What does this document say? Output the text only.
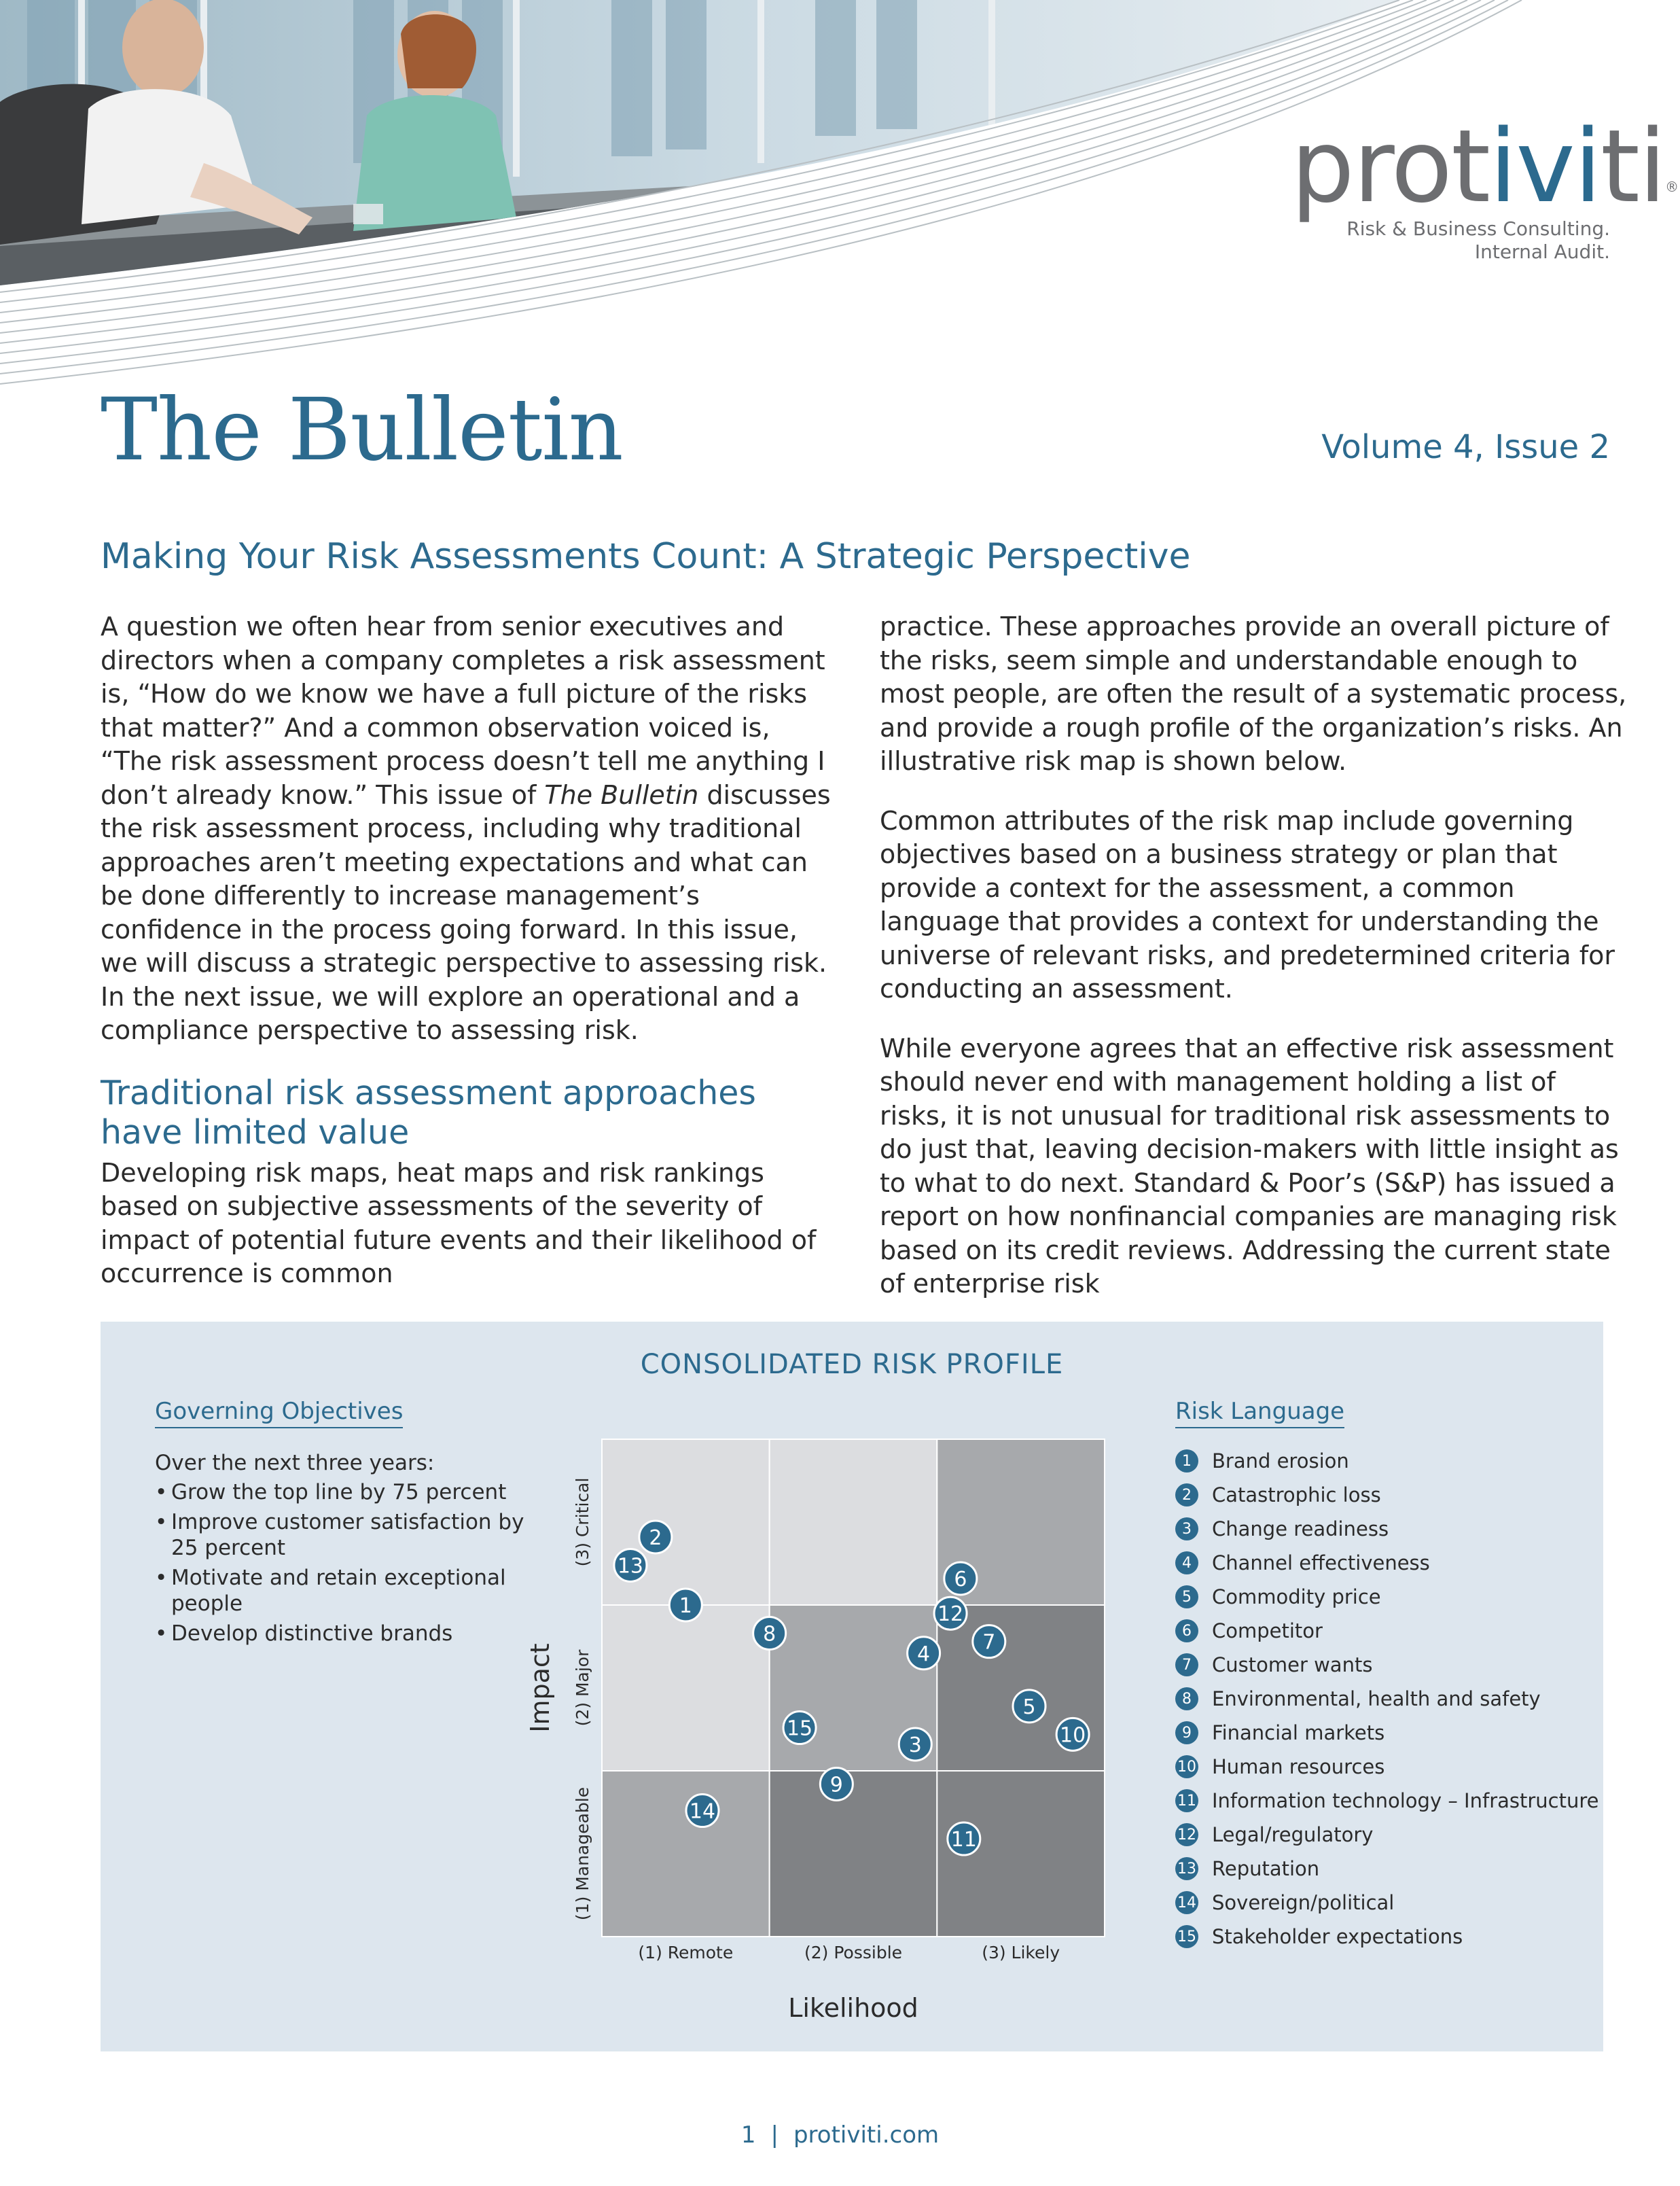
protiviti®
Risk & Business Consulting.
Internal Audit.
The Bulletin	Volume 4, Issue 2
Making Your Risk Assessments Count: A Strategic Perspective

A question we often hear from senior executives and directors when a company completes a risk assessment is, “How do we know we have a full picture of the risks that matter?” And a common observation voiced is, “The risk assessment process doesn’t tell me anything I don’t already know.” This issue of The Bulletin discusses the risk assessment process, including why traditional approaches aren’t meeting expectations and what can be done differently to increase management’s confidence in the process going forward. In this issue, we will discuss a strategic perspective to assessing risk. In the next issue, we will explore an operational and a compliance perspective to assessing risk.

Traditional risk assessment approaches
have limited value

Developing risk maps, heat maps and risk rankings based on subjective assessments of the severity of impact of potential future events and their likelihood of occurrence is common

practice. These approaches provide an overall picture of the risks, seem simple and understandable enough to most people, are often the result of a systematic process, and provide a rough profile of the organization’s risks. An illustrative risk map is shown below.

Common attributes of the risk map include governing objectives based on a business strategy or plan that provide a context for the assessment, a common language that provides a context for understanding the universe of relevant risks, and predetermined criteria for conducting an assessment.

While everyone agrees that an effective risk assessment should never end with management holding a list of risks, it is not unusual for traditional risk assessments to do just that, leaving decision-makers with little insight as to what to do next. Standard & Poor’s (S&P) has issued a report on how nonfinancial companies are managing risk based on its credit reviews. Addressing the current state of enterprise risk

CONSOLIDATED RISK PROFILE
Governing Objectives
Over the next three years:
• Grow the top line by 75 percent
• Improve customer satisfaction by 25 percent
• Motivate and retain exceptional people
• Develop distinctive brands
(1) Remote	(2) Possible	(3) Likely
(1) Manageable
(2) Major
(3) Critical
Likelihood
Impact
1
2
3
4
5
6
7
8
9
10
11
12
13
14
15
Risk Language
1	Brand erosion
2	Catastrophic loss
3	Change readiness
4	Channel effectiveness
5	Commodity price
6	Competitor
7	Customer wants
8	Environmental, health and safety
9	Financial markets
10 Human resources
11 Information technology – Infrastructure
12 Legal/regulatory
13 Reputation
14 Sovereign/political
15 Stakeholder expectations
1 | protiviti.com
